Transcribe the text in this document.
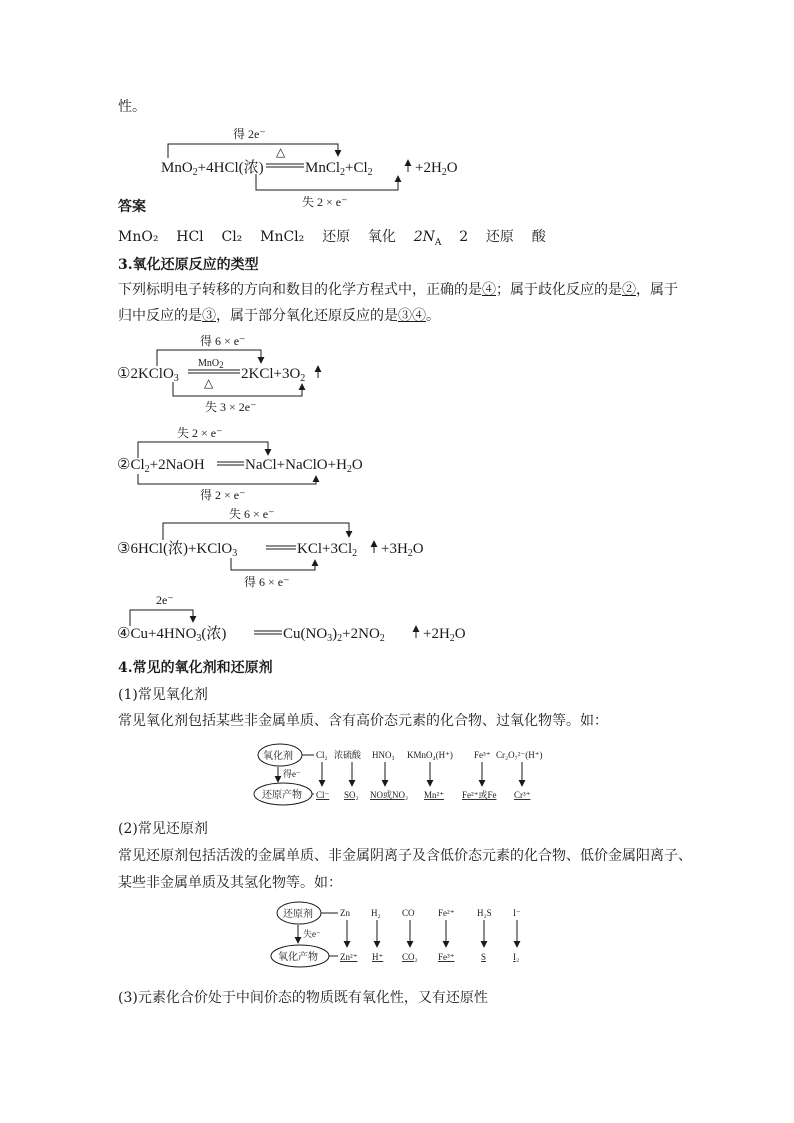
性。
得 2e⁻
失 2 × e⁻
MnO$_2$+4HCl(浓)
△
$MnCl_2+Cl_2$	$+2H_2O$
答案
MnO₂ HCl Cl₂ MnCl₂ 还原 氧化 $2N_A$ 2 还原 酸
3.氧化还原反应的类型
下列标明电子转移的方向和数目的化学方程式中，正确的是④；属于歧化反应的是②，属于
归中反应的是③，属于部分氧化还原反应的是③④。
得 6 × e⁻
①2KClO$_3$
MnO2
△
$2KCl+3O_2$
失 3 × 2e⁻
失 2 × e⁻
$②Cl_2+2NaOH$	$NaCl+NaClO+H_2O$
得 2 × e⁻
失 6 × e⁻
③6HCl(浓)+KClO$_3$	$KCl+3Cl_2 +3H_2O$
得 6 × e⁻
2e⁻
$④Cu+4HNO_3$(浓)	$Cu(NO_3)_2+2NO_2$	$+2H_2O$
4.常见的氧化剂和还原剂
(1)常见氧化剂
常见氧化剂包括某些非金属单质、含有高价态元素的化合物、过氧化物等。如：
氧化剂
还原产物
得e⁻
Cl₂
Cl⁻
浓硫酸
SO₂
HNO₃
NO或NO₂
KMnO₄(H⁺)
Mn²⁺
Fe³⁺
Fe²⁺或Fe
Cr₂O₇²⁻(H⁺)
Cr³⁺
(2)常见还原剂
常见还原剂包括活泼的金属单质、非金属阴离子及含低价态元素的化合物、低价金属阳离子、
某些非金属单质及其氢化物等。如：
还原剂
氧化产物
失e⁻
Zn
Zn²⁺
H₂
H⁺
CO
CO₂
Fe²⁺
Fe³⁺
H₂S
S
I⁻
I₂
(3)元素化合价处于中间价态的物质既有氧化性，又有还原性
